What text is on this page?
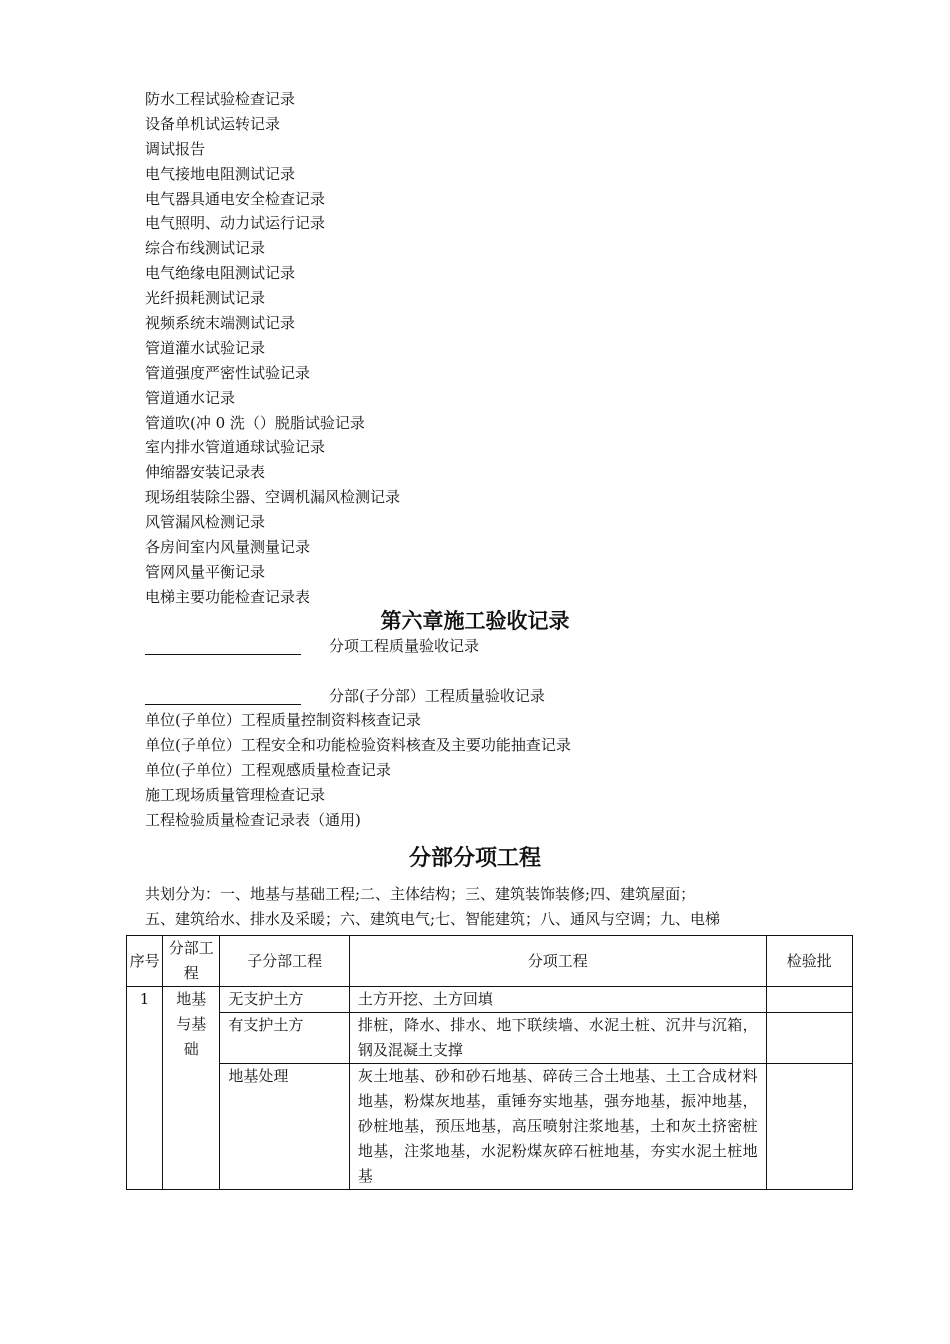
防水工程试验检查记录
设备单机试运转记录
调试报告
电气接地电阻测试记录
电气器具通电安全检查记录
电气照明、动力试运行记录
综合布线测试记录
电气绝缘电阻测试记录
光纤损耗测试记录
视频系统末端测试记录
管道灌水试验记录
管道强度严密性试验记录
管道通水记录
管道吹(冲 0 洗（）脱脂试验记录
室内排水管道通球试验记录
伸缩器安装记录表
现场组装除尘器、空调机漏风检测记录
风管漏风检测记录
各房间室内风量测量记录
管网风量平衡记录
电梯主要功能检查记录表
第六章施工验收记录
分项工程质量验收记录
分部(子分部）工程质量验收记录
单位(子单位）工程质量控制资料核查记录
单位(子单位）工程安全和功能检验资料核查及主要功能抽查记录
单位(子单位）工程观感质量检查记录
施工现场质量管理检查记录
工程检验质量检查记录表（通用)
分部分项工程
共划分为：一、地基与基础工程;二、主体结构；三、建筑装饰装修;四、建筑屋面；
五、建筑给水、排水及采暖；六、建筑电气;七、智能建筑；八、通风与空调；九、电梯
序号	分部工程	子分部工程	分项工程	检验批
1	地基与基础	无支护土方	土方开挖、土方回填	
		有支护土方	排桩，降水、排水、地下联续墙、水泥土桩、沉井与沉箱，钢及混凝土支撑	
		地基处理	灰土地基、砂和砂石地基、碎砖三合土地基、土工合成材料地基，粉煤灰地基，重锤夯实地基，强夯地基，振冲地基，砂桩地基，预压地基，高压喷射注浆地基，土和灰土挤密桩地基，注浆地基，水泥粉煤灰碎石桩地基，夯实水泥土桩地基	
